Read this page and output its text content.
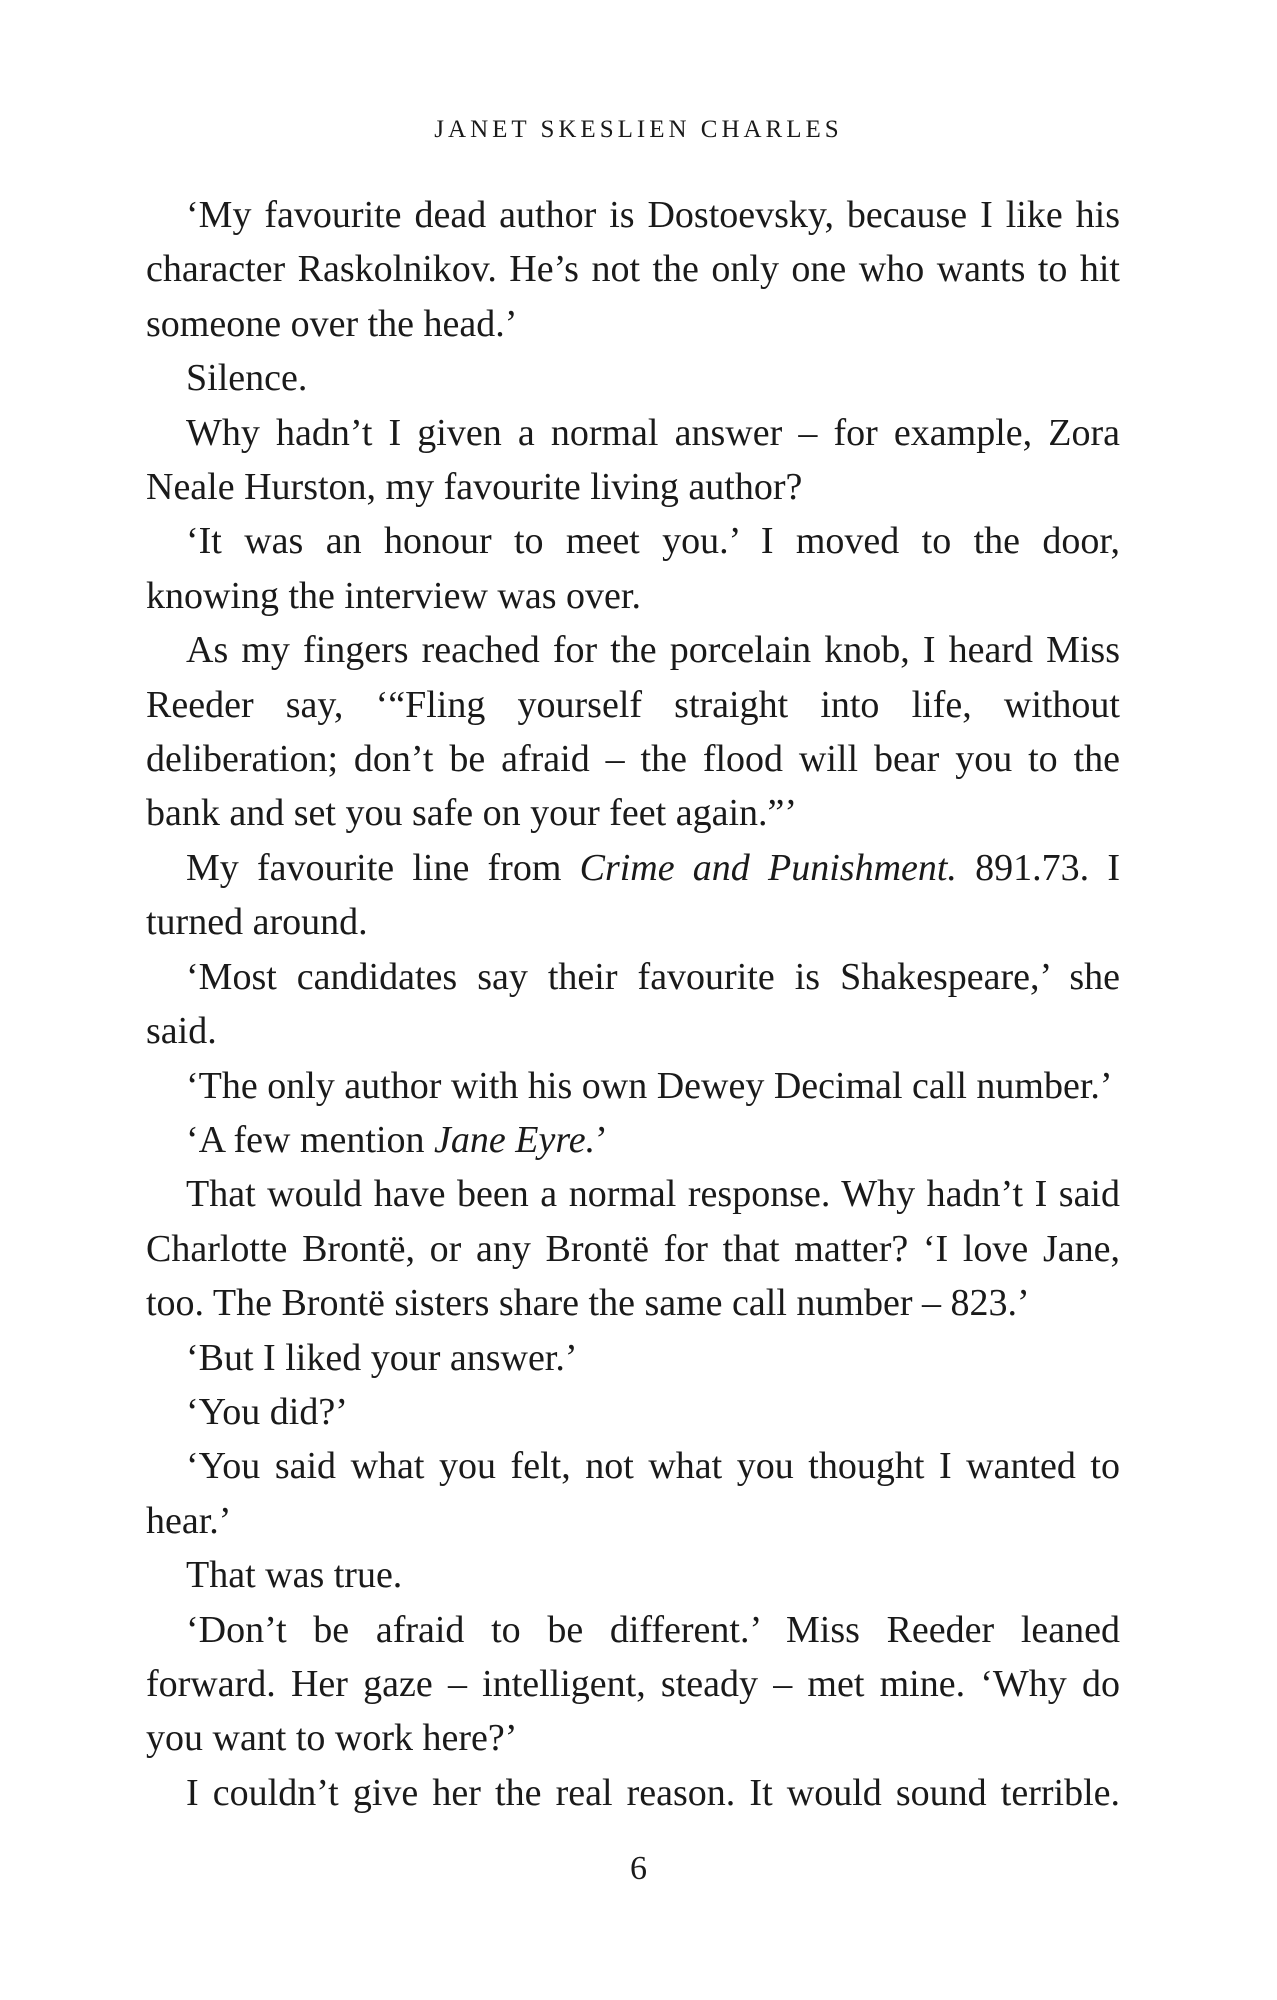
JANET SKESLIEN CHARLES

‘My favourite dead author is Dostoevsky, because I like his character Raskolnikov. He’s not the only one who wants to hit someone over the head.’

Silence.

Why hadn’t I given a normal answer – for example, Zora Neale Hurston, my favourite living author?

‘It was an honour to meet you.’ I moved to the door, knowing the interview was over.

As my fingers reached for the porcelain knob, I heard Miss Reeder say, ‘“Fling yourself straight into life, without deliberation; don’t be afraid – the flood will bear you to the bank and set you safe on your feet again.”’

My favourite line from Crime and Punishment. 891.73. I turned around.

‘Most candidates say their favourite is Shakespeare,’ she said.

‘The only author with his own Dewey Decimal call number.’

‘A few mention Jane Eyre.’

That would have been a normal response. Why hadn’t I said Charlotte Brontë, or any Brontë for that matter? ‘I love Jane, too. The Brontë sisters share the same call number – 823.’

‘But I liked your answer.’

‘You did?’

‘You said what you felt, not what you thought I wanted to hear.’

That was true.

‘Don’t be afraid to be different.’ Miss Reeder leaned forward. Her gaze – intelligent, steady – met mine. ‘Why do you want to work here?’

I couldn’t give her the real reason. It would sound terrible.

6
